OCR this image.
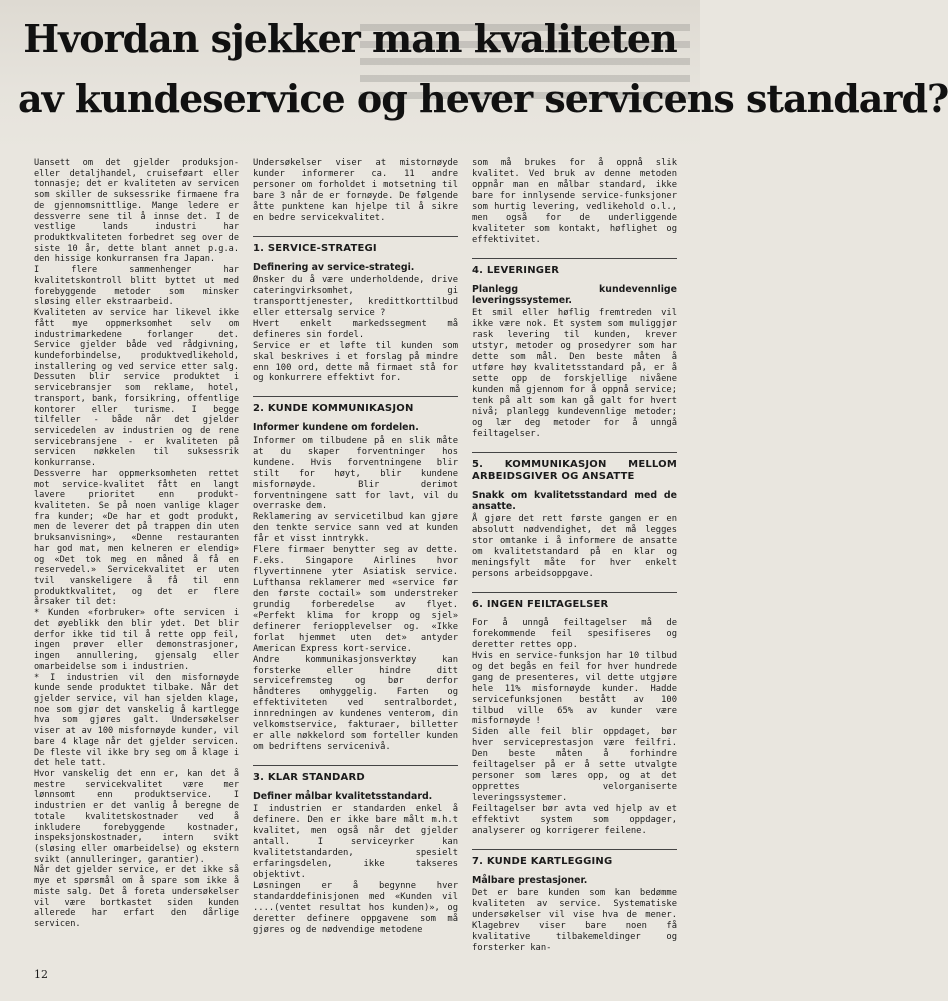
Hvordan sjekker man kvaliteten
av kundeservice og hever servicens standard?

Uansett om det gjelder produksjon- eller detaljhandel, cruiseføart eller tonnasje; det er kvaliteten av servicen som skiller de suksessrike firmaene fra de gjennomsnittlige. Mange ledere er dessverre sene til å innse det. I de vestlige lands industri har produktkvaliteten forbedret seg over de siste 10 år, dette blant annet p.g.a. den hissige konkurransen fra Japan.

I flere sammenhenger har kvalitetskontroll blitt byttet ut med forebyggende metoder som minsker sløsing eller ekstraarbeid.

Kvaliteten av service har likevel ikke fått mye oppmerksomhet selv om industrimarkedene forlanger det. Service gjelder både ved rådgivning, kundeforbindelse, produktvedlikehold, installering og ved service etter salg. Dessuten blir service produktet i servicebransjer som reklame, hotel, transport, bank, forsikring, offentlige kontorer eller turisme. I begge tilfeller - både når det gjelder servicedelen av industrien og de rene servicebransjene - er kvaliteten på servicen nøkkelen til suksessrik konkurranse.

Dessverre har oppmerksomheten rettet mot service-kvalitet fått en langt lavere prioritet enn produkt-kvaliteten. Se på noen vanlige klager fra kunder; «De har et godt produkt, men de leverer det på trappen din uten bruksanvisning», «Denne restauranten har god mat, men kelneren er elendig» og «Det tok meg en måned å få en reservedel.» Servicekvalitet er uten tvil vanskeligere å få til enn produktkvalitet, og det er flere årsaker til det:

* Kunden «forbruker» ofte servicen i det øyeblikk den blir ydet. Det blir derfor ikke tid til å rette opp feil, ingen prøver eller demonstrasjoner, ingen annullering, gjensalg eller omarbeidelse som i industrien.

* I industrien vil den misfornøyde kunde sende produktet tilbake. Når det gjelder service, vil han sjelden klage, noe som gjør det vanskelig å kartlegge hva som gjøres galt. Undersøkelser viser at av 100 misfornøyde kunder, vil bare 4 klage når det gjelder servicen. De fleste vil ikke bry seg om å klage i det hele tatt.

Hvor vanskelig det enn er, kan det å mestre servicekvalitet være mer lønnsomt enn produktservice. I industrien er det vanlig å beregne de totale kvalitetskostnader ved å inkludere forebyggende kostnader, inspeksjonskostnader, intern svikt (sløsing eller omarbeidelse) og ekstern svikt (annulleringer, garantier).

Når det gjelder service, er det ikke så mye et spørsmål om å spare som ikke å miste salg. Det å foreta undersøkelser vil være bortkastet siden kunden allerede har erfart den dårlige servicen.

Undersøkelser viser at mistornøyde kunder informerer ca. 11 andre personer om forholdet i motsetning til bare 3 når de er fornøyde. De følgende åtte punktene kan hjelpe til å sikre en bedre servicekvalitet.

1. SERVICE-STRATEGI
Definering av service-strategi.

Ønsker du å være underholdende, drive cateringvirksomhet, gi transporttjenester, kredittkorttilbud eller ettersalg service ?

Hvert enkelt markedssegment må defineres sin fordel.

Service er et løfte til kunden som skal beskrives i et forslag på mindre enn 100 ord, dette må firmaet stå for og konkurrere effektivt for.

2. KUNDE KOMMUNIKASJON
Informer kundene om fordelen.

Informer om tilbudene på en slik måte at du skaper forventninger hos kundene. Hvis forventningene blir stilt for høyt, blir kundene misfornøyde. Blir derimot forventningene satt for lavt, vil du overraske dem.

Reklamering av servicetilbud kan gjøre den tenkte service sann ved at kunden får et visst inntrykk.

Flere firmaer benytter seg av dette. F.eks. Singapore Airlines hvor flyvertinnene yter Asiatisk service. Lufthansa reklamerer med «service før den første coctail» som understreker grundig forberedelse av flyet. «Perfekt klima for kropp og sjel» definerer feriopplevelser og. «Ikke forlat hjemmet uten det» antyder American Express kort-service.

Andre kommunikasjonsverktøy kan forsterke eller hindre ditt servicefremsteg og bør derfor håndteres omhyggelig. Farten og effektiviteten ved sentralbordet, innredningen av kundenes venterom, din velkomstservice, fakturaer, billetter er alle nøkkelord som forteller kunden om bedriftens servicenivå.

3. KLAR STANDARD
Definer målbar kvalitetsstandard.

I industrien er standarden enkel å definere. Den er ikke bare målt m.h.t kvalitet, men også når det gjelder antall. I serviceyrker kan kvalitetstandarden, spesielt erfaringsdelen, ikke takseres objektivt.

Løsningen er å begynne hver standarddefinisjonen med «Kunden vil ....(ventet resultat hos kunden)», og deretter definere oppgavene som må gjøres og de nødvendige metodene

som må brukes for å oppnå slik kvalitet. Ved bruk av denne metoden oppnår man en målbar standard, ikke bare for innlysende service-funksjoner som hurtig levering, vedlikehold o.l., men også for de underliggende kvaliteter som kontakt, høflighet og effektivitet.

4. LEVERINGER
Planlegg kundevennlige leveringssystemer.

Et smil eller høflig fremtreden vil ikke være nok. Et system som muliggjør rask levering til kunden, krever utstyr, metoder og prosedyrer som har dette som mål. Den beste måten å utføre høy kvalitetsstandard på, er å sette opp de forskjellige nivåene kunden må gjennom for å oppnå service; tenk på alt som kan gå galt for hvert nivå; planlegg kundevennlige metoder; og lær deg metoder for å unngå feiltagelser.

5. KOMMUNIKASJON MELLOM ARBEIDSGIVER OG ANSATTE
Snakk om kvalitetsstandard med de ansatte.

Å gjøre det rett første gangen er en absolutt nødvendighet, det må legges stor omtanke i å informere de ansatte om kvalitetstandard på en klar og meningsfylt måte for hver enkelt persons arbeidsoppgave.

6. INGEN FEILTAGELSER

For å unngå feiltagelser må de forekommende feil spesifiseres og deretter rettes opp.

Hvis en service-funksjon har 10 tilbud og det begås en feil for hver hundrede gang de presenteres, vil dette utgjøre hele 11% misfornøyde kunder. Hadde servicefunksjonen bestått av 100 tilbud ville 65% av kunder være misfornøyde !

Siden alle feil blir oppdaget, bør hver serviceprestasjon være feilfri. Den beste måten å forhindre feiltagelser på er å sette utvalgte personer som læres opp, og at det opprettes velorganiserte leveringssystemer.

Feiltagelser bør avta ved hjelp av et effektivt system som oppdager, analyserer og korrigerer feilene.

7. KUNDE KARTLEGGING
Målbare prestasjoner.

Det er bare kunden som kan bedømme kvaliteten av service. Systematiske undersøkelser vil vise hva de mener. Klagebrev viser bare noen få kvalitative tilbakemeldinger og forsterker kan-

12
